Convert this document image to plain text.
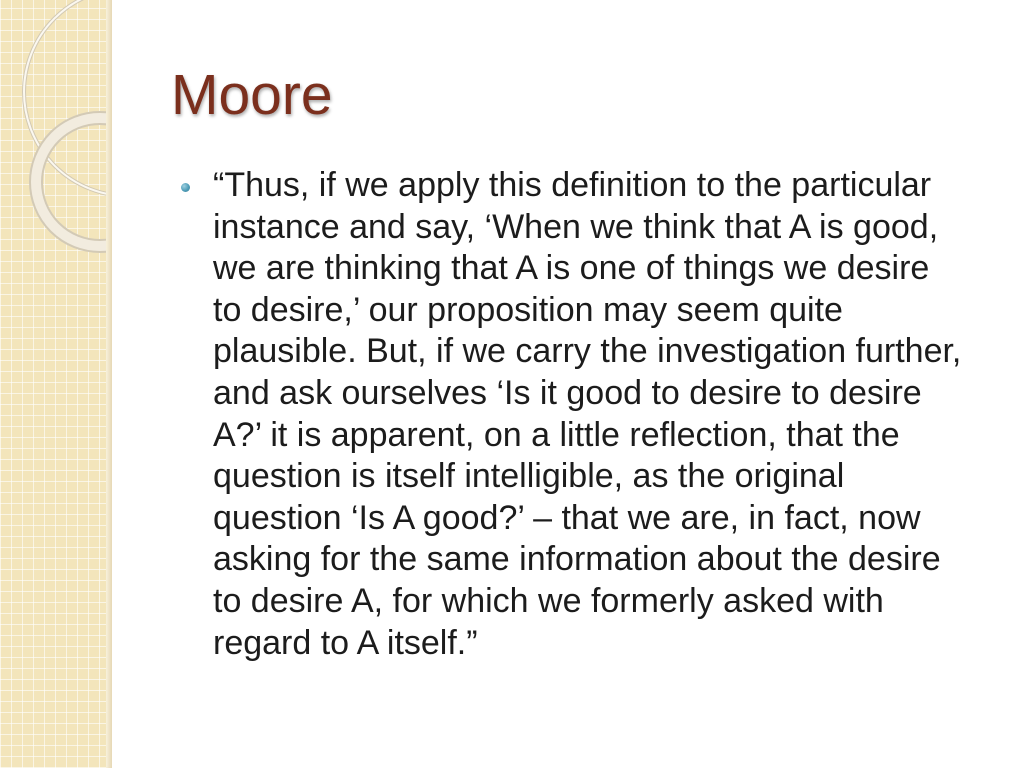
Moore

“Thus, if we apply this definition to the particular
instance and say, ‘When we think that A is good,
we are thinking that A is one of things we desire
to desire,’ our proposition may seem quite
plausible. But, if we carry the investigation further,
and ask ourselves ‘Is it good to desire to desire
A?’ it is apparent, on a little reflection, that the
question is itself intelligible, as the original
question ‘Is A good?’ – that we are, in fact, now
asking for the same information about the desire
to desire A, for which we formerly asked with
regard to A itself.”
